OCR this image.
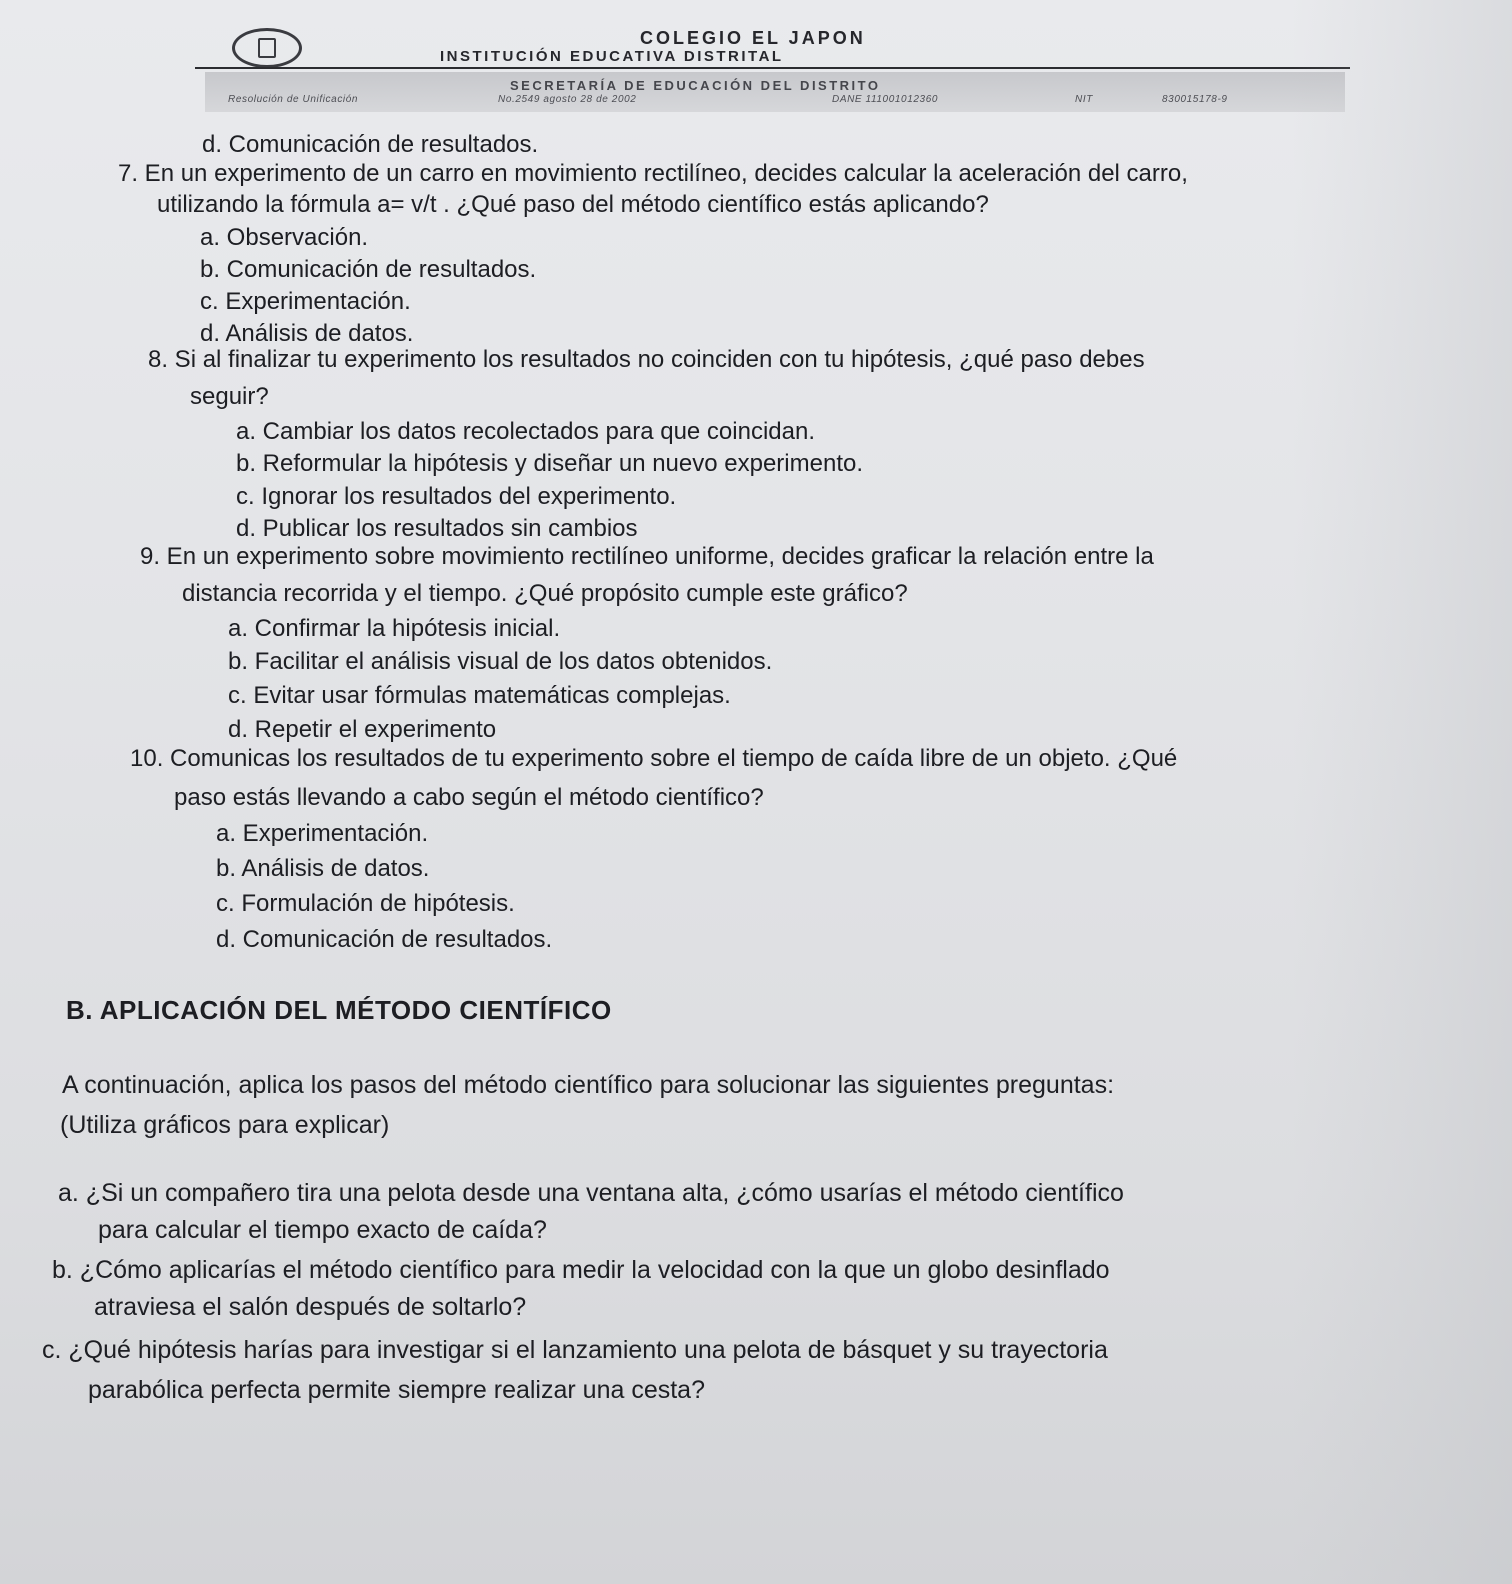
COLEGIO EL JAPON
INSTITUCIÓN EDUCATIVA DISTRITAL
SECRETARÍA DE EDUCACIÓN DEL DISTRITO
Resolución de Unificación	No.2549 agosto 28 de 2002	DANE 111001012360	NIT	830015178-9
d. Comunicación de resultados.
7. En un experimento de un carro en movimiento rectilíneo, decides calcular la aceleración del carro,
utilizando la fórmula a= v/t . ¿Qué paso del método científico estás aplicando?
a. Observación.
b. Comunicación de resultados.
c. Experimentación.
d. Análisis de datos.
8. Si al finalizar tu experimento los resultados no coinciden con tu hipótesis, ¿qué paso debes
seguir?
a. Cambiar los datos recolectados para que coincidan.
b. Reformular la hipótesis y diseñar un nuevo experimento.
c. Ignorar los resultados del experimento.
d. Publicar los resultados sin cambios
9. En un experimento sobre movimiento rectilíneo uniforme, decides graficar la relación entre la
distancia recorrida y el tiempo. ¿Qué propósito cumple este gráfico?
a. Confirmar la hipótesis inicial.
b. Facilitar el análisis visual de los datos obtenidos.
c. Evitar usar fórmulas matemáticas complejas.
d. Repetir el experimento
10. Comunicas los resultados de tu experimento sobre el tiempo de caída libre de un objeto. ¿Qué
paso estás llevando a cabo según el método científico?
a. Experimentación.
b. Análisis de datos.
c. Formulación de hipótesis.
d. Comunicación de resultados.
B. APLICACIÓN DEL MÉTODO CIENTÍFICO
A continuación, aplica los pasos del método científico para solucionar las siguientes preguntas:
(Utiliza gráficos para explicar)
a. ¿Si un compañero tira una pelota desde una ventana alta, ¿cómo usarías el método científico
para calcular el tiempo exacto de caída?
b. ¿Cómo aplicarías el método científico para medir la velocidad con la que un globo desinflado
atraviesa el salón después de soltarlo?
c. ¿Qué hipótesis harías para investigar si el lanzamiento una pelota de básquet y su trayectoria
parabólica perfecta permite siempre realizar una cesta?
